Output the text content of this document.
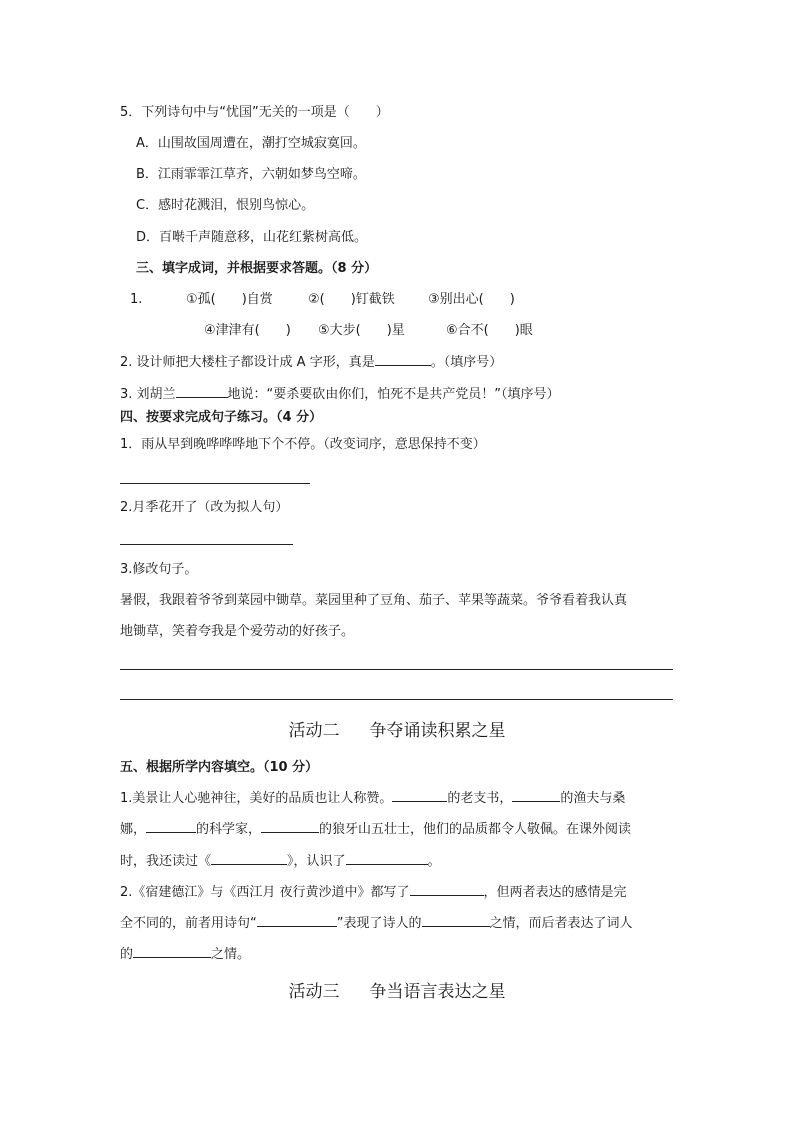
5．下列诗句中与“忧国”无关的一项是（　　）
A．山围故国周遭在，潮打空城寂寞回。
B．江雨霏霏江草齐，六朝如梦鸟空啼。
C．感时花溅泪，恨别鸟惊心。
D．百啭千声随意移，山花红紫树高低。
三、填字成词，并根据要求答题。（8 分）
1.	①孤(　　)自赏	②(　　)钉截铁	③别出心(　　)
④津津有(　　) ⑤大步(　　)星	⑥合不(　　)眼
2. 设计师把大楼柱子都设计成 A 字形，真是	。（填序号）
3. 刘胡兰	地说：“要杀要砍由你们，怕死不是共产党员！”（填序号）
四、按要求完成句子练习。（4 分）
1．雨从早到晚哗哗哗地下个不停。（改变词序，意思保持不变）
2.月季花开了（改为拟人句）
3.修改句子。
暑假，我跟着爷爷到菜园中锄草。菜园里种了豆角、茄子、苹果等蔬菜。爷爷看着我认真
地锄草，笑着夸我是个爱劳动的好孩子。
活动二 争夺诵读积累之星
五、根据所学内容填空。（10 分）
1.美景让人心驰神往，美好的品质也让人称赞。	的老支书，	的渔夫与桑
娜，	的科学家，	的狼牙山五壮士，他们的品质都令人敬佩。在课外阅读
时，我还读过《	》，认识了	。
2.《宿建德江》与《西江月 夜行黄沙道中》都写了	，但两者表达的感情是完
全不同的，前者用诗句“	”表现了诗人的	之情，而后者表达了词人
的	之情。
活动三 争当语言表达之星
